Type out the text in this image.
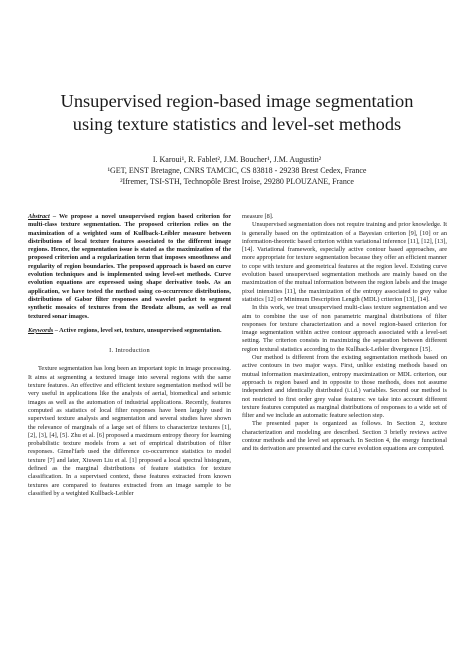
Unsupervised region-based image segmentation
using texture statistics and level-set methods
I. Karoui¹, R. Fablet², J.M. Boucher¹, J.M. Augustin²
¹GET, ENST Bretagne, CNRS TAMCIC, CS 83818 - 29238 Brest Cedex, France
²Ifremer, TSI-STH, Technopôle Brest Iroise, 29280 PLOUZANE, France

Abstract – We propose a novel unsupervised region based criterion for multi-class texture segmentation. The proposed criterion relies on the maximization of a weighted sum of Kullback-Leibler measure between distributions of local texture features associated to the different image regions. Hence, the segmentation issue is stated as the maximization of the proposed criterion and a regularization term that imposes smoothness and regularity of region boundaries. The proposed approach is based on curve evolution techniques and is implemented using level-set methods. Curve evolution equations are expressed using shape derivative tools. As an application, we have tested the method using co-occurrence distributions, distributions of Gabor filter responses and wavelet packet to segment synthetic mosaics of textures from the Brodatz album, as well as real textured sonar images.

Keywords – Active regions, level set, texture, unsupervised segmentation.

I. Introduction

Texture segmentation has long been an important topic in image processing. It aims at segmenting a textured image into several regions with the same texture features. An effective and efficient texture segmentation method will be very useful in applications like the analysis of aerial, biomedical and seismic images as well as the automation of industrial applications. Recently, features computed as statistics of local filter responses have been largely used in supervised texture analysis and segmentation and several studies have shown the relevance of marginals of a large set of filters to characterize textures [1], [2], [3], [4], [5]. Zhu et al. [6] proposed a maximum entropy theory for learning probabilistic texture models from a set of empirical distribution of filter responses. Gimel'farb used the difference co-occurrence statistics to model texture [7] and later, Xiuwen Liu et al. [1] proposed a local spectral histogram, defined as the marginal distributions of feature statistics for texture classification. In a supervised context, these features extracted from known textures are compared to features extracted from an image sample to be classified by a weighted Kullback-Leibler

measure [8].

Unsupervised segmentation does not require training and prior knowledge. It is generally based on the optimization of a Bayesian criterion [9], [10] or an information-theoretic based criterion within variational inference [11], [12], [13], [14]. Variational framework, especially active contour based approaches, are more appropriate for texture segmentation because they offer an efficient manner to cope with texture and geometrical features at the region level. Existing curve evolution based unsupervised segmentation methods are mainly based on the maximization of the mutual information between the region labels and the image pixel intensities [11], the maximization of the entropy associated to grey value statistics [12] or Minimum Description Length (MDL) criterion [13], [14].

In this work, we treat unsupervised multi-class texture segmentation and we aim to combine the use of non parametric marginal distributions of filter responses for texture characterization and a novel region-based criterion for image segmentation within active contour approach associated with a level-set setting. The criterion consists in maximizing the separation between different region textural statistics according to the Kullback-Leibler divergence [15].

Our method is different from the existing segmentation methods based on active contours in two major ways. First, unlike existing methods based on mutual information maximization, entropy maximization or MDL criterion, our approach is region based and in opposite to those methods, does not assume independent and identically distributed (i.i.d.) variables. Second our method is not restricted to first order grey value features: we take into account different texture features computed as marginal distributions of responses to a wide set of filter and we include an automatic feature selection step.

The presented paper is organized as follows. In Section 2, texture characterization and modeling are described. Section 3 briefly reviews active contour methods and the level set approach. In Section 4, the energy functional and its derivation are presented and the curve evolution equations are computed.
